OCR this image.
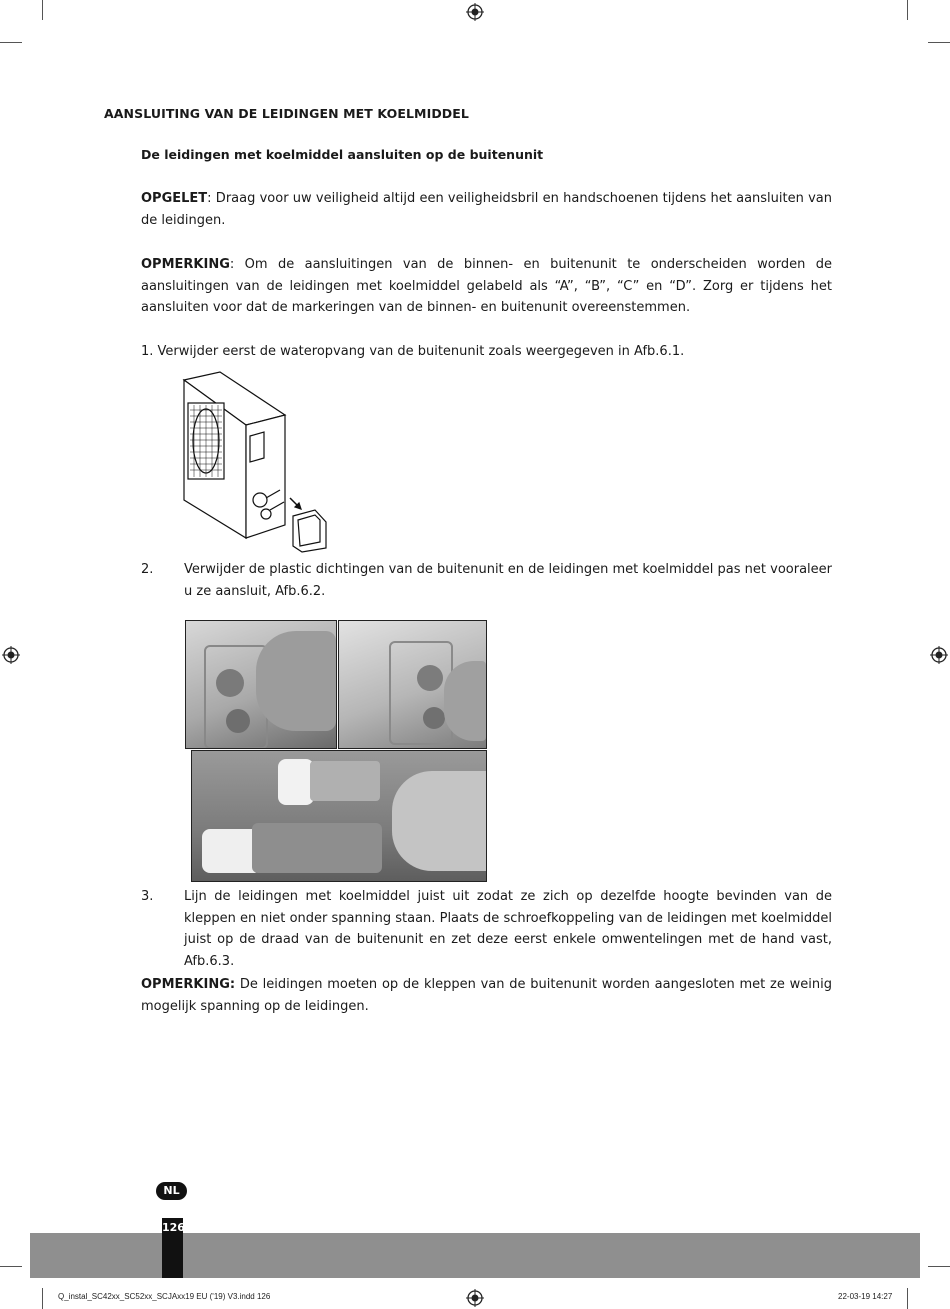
AANSLUITING VAN DE LEIDINGEN MET KOELMIDDEL
De leidingen met koelmiddel aansluiten op de buitenunit
OPGELET: Draag voor uw veiligheid altijd een veiligheidsbril en handschoenen tijdens het aansluiten van de leidingen.
OPMERKING: Om de aansluitingen van de binnen- en buitenunit te onderscheiden worden de aansluitingen van de leidingen met koelmiddel gelabeld als “A”, “B”, “C” en “D”. Zorg er tijdens het aansluiten voor dat de markeringen van de binnen- en buitenunit overeenstemmen.
1. Verwijder eerst de wateropvang van de buitenunit zoals weergegeven in Afb.6.1.
2. Verwijder de plastic dichtingen van de buitenunit en de leidingen met koelmiddel pas net vooraleer u ze aansluit, Afb.6.2.
3. Lijn de leidingen met koelmiddel juist uit zodat ze zich op dezelfde hoogte bevinden van de kleppen en niet onder spanning staan. Plaats de schroefkoppeling van de leidingen met koelmiddel juist op de draad van de buitenunit en zet deze eerst enkele omwentelingen met de hand vast, Afb.6.3.
OPMERKING: De leidingen moeten op de kleppen van de buitenunit worden aangesloten met ze weinig mogelijk spanning op de leidingen.
NL
126
Q_instal_SC42xx_SC52xx_SCJAxx19 EU ('19) V3.indd 126	22-03-19 14:27
